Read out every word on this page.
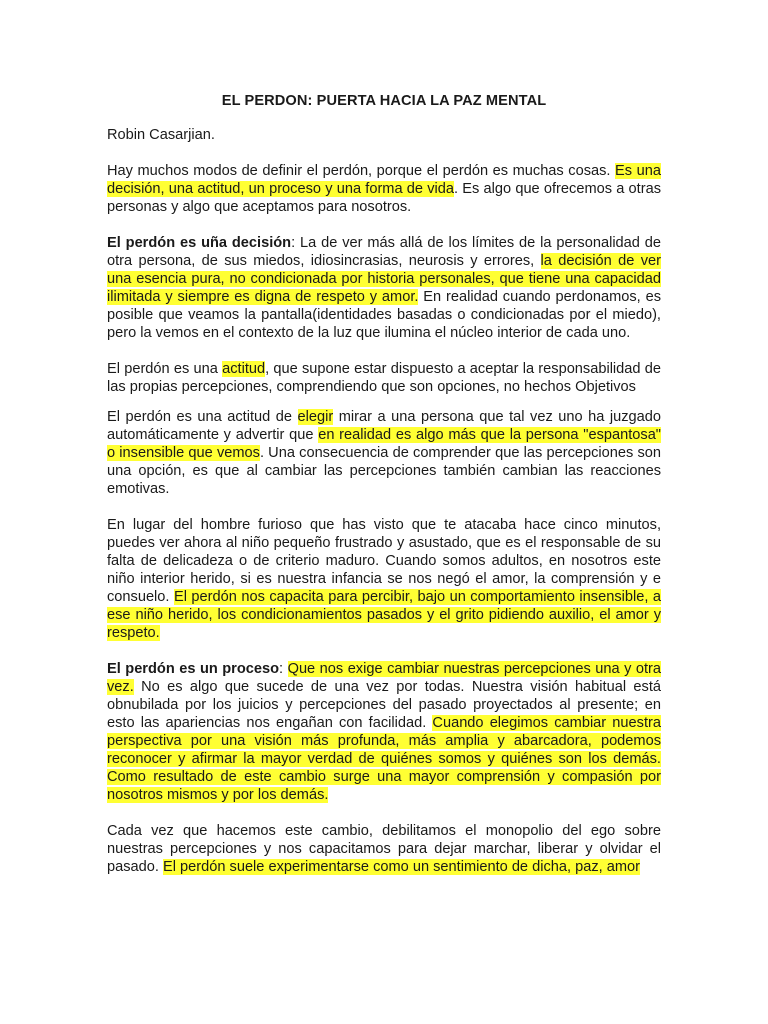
EL PERDON: PUERTA HACIA LA PAZ MENTAL
Robin Casarjian.
Hay muchos modos de definir el perdón, porque el perdón es muchas cosas. Es una decisión, una actitud, un proceso y una forma de vida. Es algo que ofrecemos a otras personas y algo que aceptamos para nosotros.
El perdón es uña decisión: La de ver más allá de los límites de la personalidad de otra persona, de sus miedos, idiosincrasias, neurosis y errores, la decisión de ver una esencia pura, no condicionada por historia personales, que tiene una capacidad ilimitada y siempre es digna de respeto y amor. En realidad cuando perdonamos, es posible que veamos la pantalla(identidades basadas o condicionadas por el miedo), pero la vemos en el contexto de la luz que ilumina el núcleo interior de cada uno.
El perdón es una actitud, que supone estar dispuesto a aceptar la responsabilidad de las propias percepciones, comprendiendo que son opciones, no hechos Objetivos
El perdón es una actitud de elegir mirar a una persona que tal vez uno ha juzgado automáticamente y advertir que en realidad es algo más que la persona "espantosa" o insensible que vemos. Una consecuencia de comprender que las percepciones son una opción, es que al cambiar las percepciones también cambian las reacciones emotivas.
En lugar del hombre furioso que has visto que te atacaba hace cinco minutos, puedes ver ahora al niño pequeño frustrado y asustado, que es el responsable de su falta de delicadeza o de criterio maduro. Cuando somos adultos, en nosotros este niño interior herido, si es nuestra infancia se nos negó el amor, la comprensión y e consuelo. El perdón nos capacita para percibir, bajo un comportamiento insensible, a ese niño herido, los condicionamientos pasados y el grito pidiendo auxilio, el amor y respeto.
El perdón es un proceso: Que nos exige cambiar nuestras percepciones una y otra vez. No es algo que sucede de una vez por todas. Nuestra visión habitual está obnubilada por los juicios y percepciones del pasado proyectados al presente; en esto las apariencias nos engañan con facilidad. Cuando elegimos cambiar nuestra perspectiva por una visión más profunda, más amplia y abarcadora, podemos reconocer y afirmar la mayor verdad de quiénes somos y quiénes son los demás. Como resultado de este cambio surge una mayor comprensión y compasión por nosotros mismos y por los demás.
Cada vez que hacemos este cambio, debilitamos el monopolio del ego sobre nuestras percepciones y nos capacitamos para dejar marchar, liberar y olvidar el pasado. El perdón suele experimentarse como un sentimiento de dicha, paz, amor
